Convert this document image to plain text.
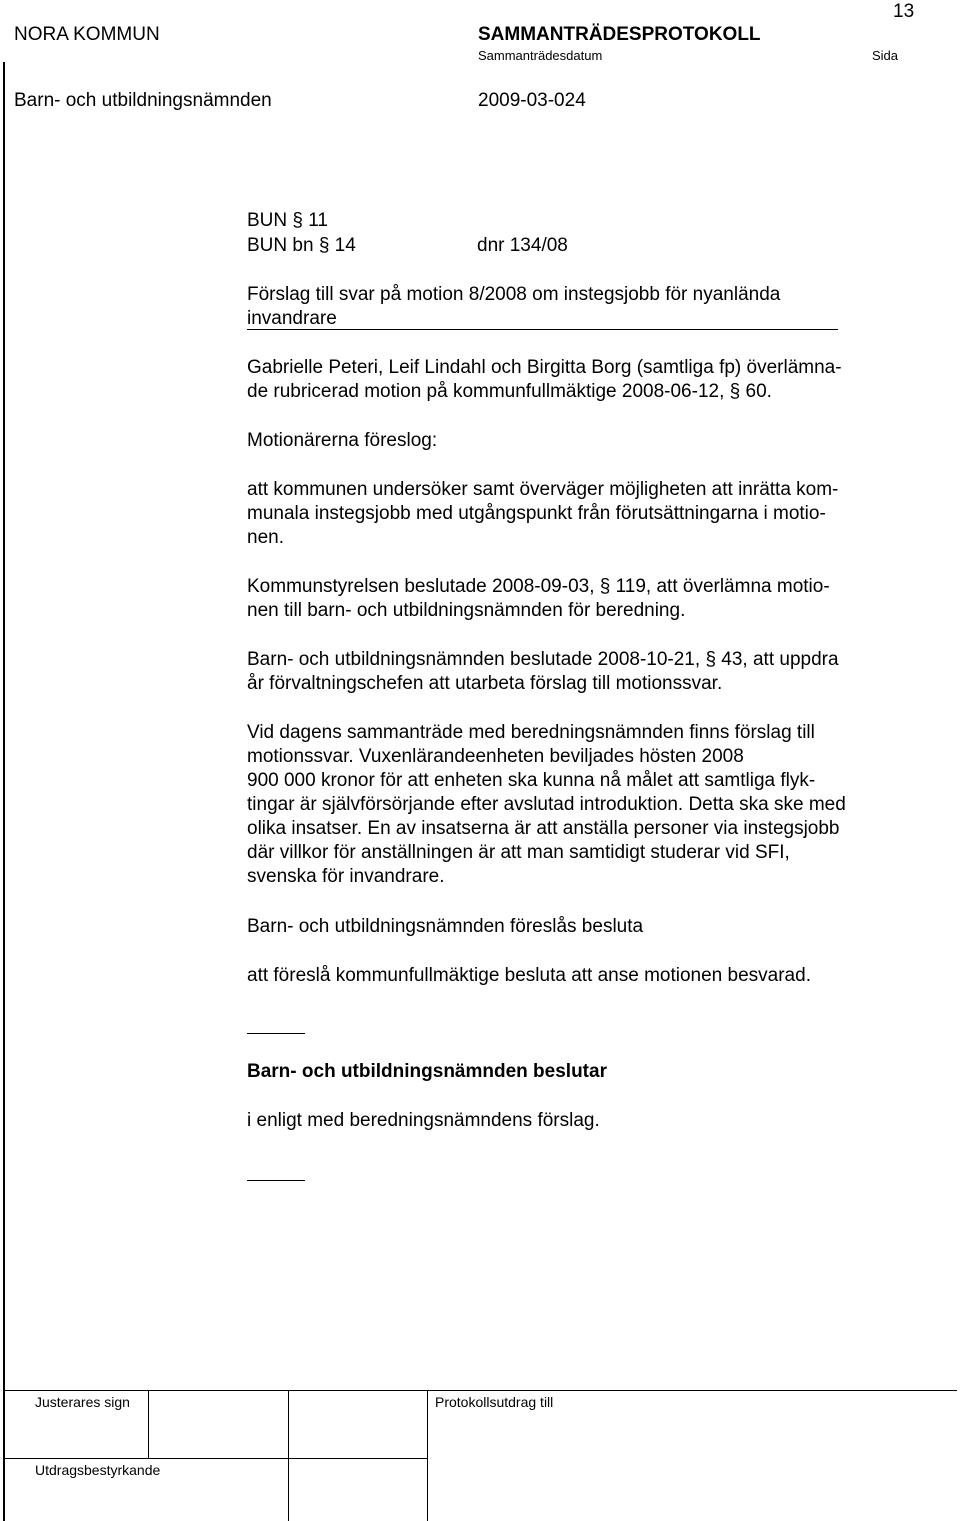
NORA KOMMUN	SAMMANTRÄDESPROTOKOLL
Sammanträdesdatum	Sida
13
Barn- och utbildningsnämnden	2009-03-024
BUN § 11
BUN bn § 14	dnr 134/08
Förslag till svar på motion 8/2008 om instegsjobb för nyanlända
invandrare
Gabrielle Peteri, Leif Lindahl och Birgitta Borg (samtliga fp) överlämna-
de rubricerad motion på kommunfullmäktige 2008-06-12, § 60.
Motionärerna föreslog:
att kommunen undersöker samt överväger möjligheten att inrätta kom-
munala instegsjobb med utgångspunkt från förutsättningarna i motio-
nen.
Kommunstyrelsen beslutade 2008-09-03, § 119, att överlämna motio-
nen till barn- och utbildningsnämnden för beredning.
Barn- och utbildningsnämnden beslutade 2008-10-21, § 43, att uppdra
år förvaltningschefen att utarbeta förslag till motionssvar.
Vid dagens sammanträde med beredningsnämnden finns förslag till
motionssvar. Vuxenlärandeenheten beviljades hösten 2008
900 000 kronor för att enheten ska kunna nå målet att samtliga flyk-
tingar är självförsörjande efter avslutad introduktion. Detta ska ske med
olika insatser. En av insatserna är att anställa personer via instegsjobb
där villkor för anställningen är att man samtidigt studerar vid SFI,
svenska för invandrare.
Barn- och utbildningsnämnden föreslås besluta
att föreslå kommunfullmäktige besluta att anse motionen besvarad.
Barn- och utbildningsnämnden beslutar
i enligt med beredningsnämndens förslag.
Justerares sign	Protokollsutdrag till
Utdragsbestyrkande
